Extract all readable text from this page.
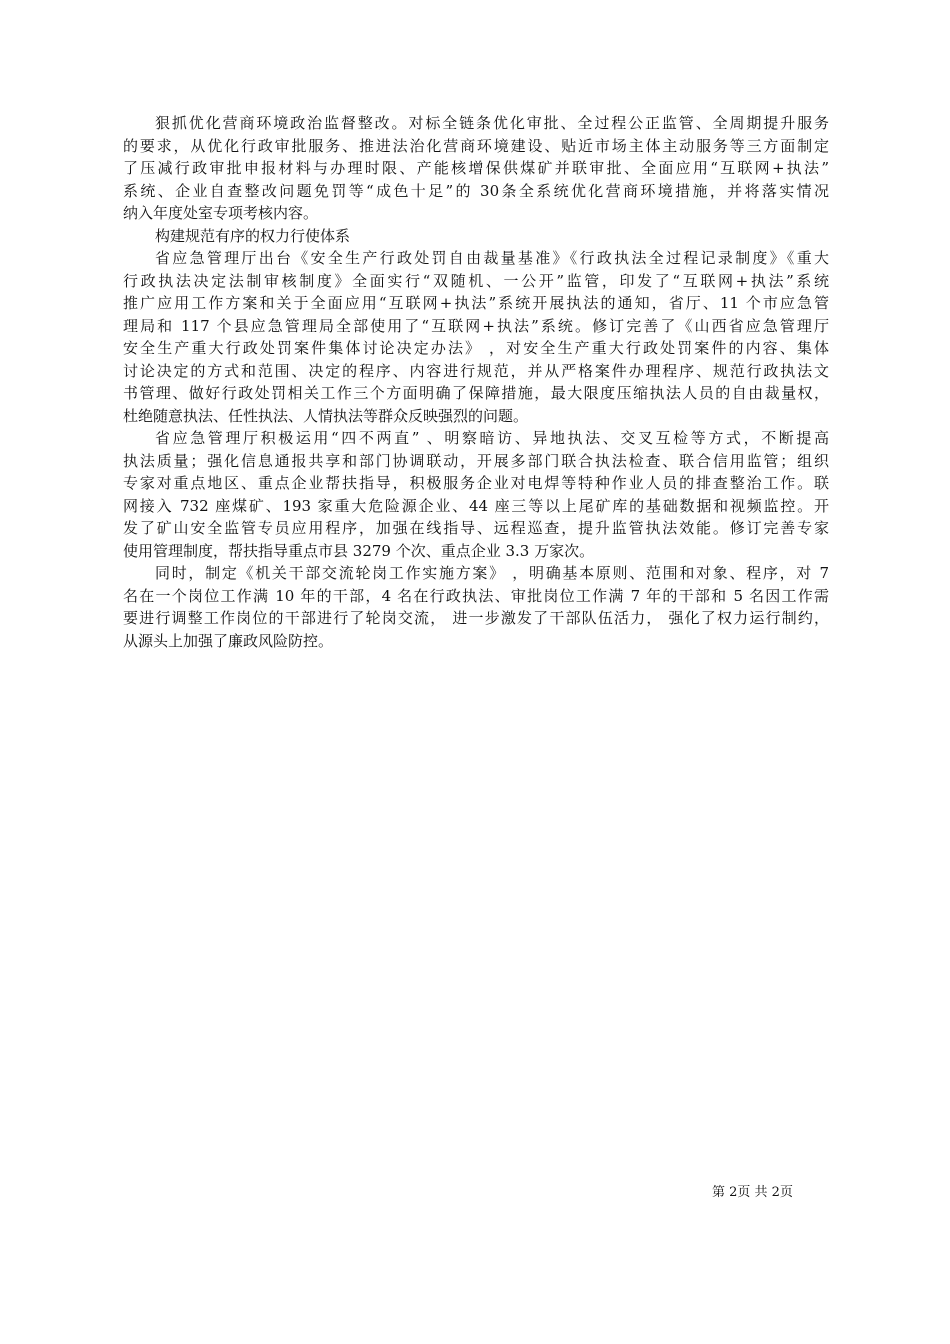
狠抓优化营商环境政治监督整改。对标全链条优化审批、全过程公正监管、全周期提升服务
的要求，从优化行政审批服务、推进法治化营商环境建设、贴近市场主体主动服务等三方面制定
了压减行政审批申报材料与办理时限、产能核增保供煤矿并联审批、全面应用“互联网+执法”
系统、企业自查整改问题免罚等“成色十足”的 30条全系统优化营商环境措施，并将落实情况
纳入年度处室专项考核内容。
构建规范有序的权力行使体系
省应急管理厅出台《安全生产行政处罚自由裁量基准》《行政执法全过程记录制度》《重大
行政执法决定法制审核制度》全面实行“双随机、一公开”监管，印发了“互联网+执法”系统
推广应用工作方案和关于全面应用“互联网+执法”系统开展执法的通知，省厅、11 个市应急管
理局和 117 个县应急管理局全部使用了“互联网+执法”系统。修订完善了《山西省应急管理厅
安全生产重大行政处罚案件集体讨论决定办法》 ，对安全生产重大行政处罚案件的内容、集体
讨论决定的方式和范围、决定的程序、内容进行规范，并从严格案件办理程序、规范行政执法文
书管理、做好行政处罚相关工作三个方面明确了保障措施，最大限度压缩执法人员的自由裁量权，
杜绝随意执法、任性执法、人情执法等群众反映强烈的问题。
省应急管理厅积极运用“四不两直” 、明察暗访、异地执法、交叉互检等方式，不断提高
执法质量；强化信息通报共享和部门协调联动，开展多部门联合执法检查、联合信用监管；组织
专家对重点地区、重点企业帮扶指导，积极服务企业对电焊等特种作业人员的排查整治工作。联
网接入 732 座煤矿、193 家重大危险源企业、44 座三等以上尾矿库的基础数据和视频监控。开
发了矿山安全监管专员应用程序，加强在线指导、远程巡查，提升监管执法效能。修订完善专家
使用管理制度，帮扶指导重点市县 3279 个次、重点企业 3.3 万家次。
同时，制定《机关干部交流轮岗工作实施方案》 ，明确基本原则、范围和对象、程序，对 7
名在一个岗位工作满 10 年的干部，4 名在行政执法、审批岗位工作满 7 年的干部和 5 名因工作需
要进行调整工作岗位的干部进行了轮岗交流， 进一步激发了干部队伍活力， 强化了权力运行制约，
从源头上加强了廉政风险防控。
第 2页 共 2页
